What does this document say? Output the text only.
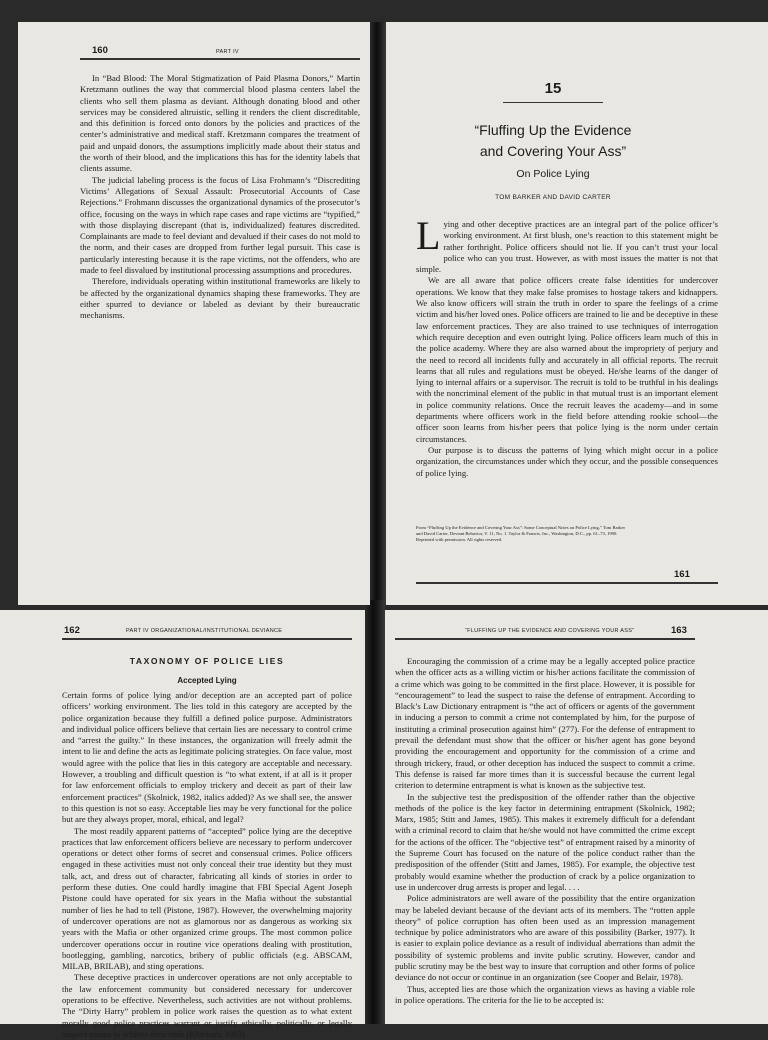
160	PART IV

In “Bad Blood: The Moral Stigmatization of Paid Plasma Donors,” Martin Kretzmann outlines the way that commercial blood plasma centers label the clients who sell them plasma as deviant. Although donating blood and other services may be considered altruistic, selling it renders the client discreditable, and this definition is forced onto donors by the policies and practices of the center’s administrative and medical staff. Kretzmann compares the treatment of paid and unpaid donors, the assumptions implicitly made about their status and the worth of their blood, and the implications this has for the identity labels that clients assume.

The judicial labeling process is the focus of Lisa Frohmann’s “Discrediting Victims’ Allegations of Sexual Assault: Prosecutorial Accounts of Case Rejections.” Frohmann discusses the organizational dynamics of the prosecutor’s office, focusing on the ways in which rape cases and rape victims are “typified,” with those displaying discrepant (that is, individualized) features discredited. Complainants are made to feel deviant and devalued if their cases do not mold to the norm, and their cases are dropped from further legal pursuit. This case is particularly interesting because it is the rape victims, not the offenders, who are made to feel disvalued by institutional processing assumptions and procedures.

Therefore, individuals operating within institutional frameworks are likely to be affected by the organizational dynamics shaping these frameworks. They are either spurred to deviance or labeled as deviant by their bureaucratic mechanisms.

15
“Fluffing Up the Evidence
and Covering Your Ass”
On Police Lying
TOM BARKER AND DAVID CARTER

Lying and other deceptive practices are an integral part of the police officer’s working environment. At first blush, one’s reaction to this statement might be rather forthright. Police officers should not lie. If you can’t trust your local police who can you trust. However, as with most issues the matter is not that simple.

We are all aware that police officers create false identities for undercover operations. We know that they make false promises to hostage takers and kidnappers. We also know officers will strain the truth in order to spare the feelings of a crime victim and his/her loved ones. Police officers are trained to lie and be deceptive in these law enforcement practices. They are also trained to use techniques of interrogation which require deception and even outright lying. Police officers learn much of this in the police academy. Where they are also warned about the impropriety of perjury and the need to record all incidents fully and accurately in all official reports. The recruit learns that all rules and regulations must be obeyed. He/she learns of the danger of lying to internal affairs or a supervisor. The recruit is told to be truthful in his dealings with the noncriminal element of the public in that mutual trust is an important element in police community relations. Once the recruit leaves the academy—and in some departments where officers work in the field before attending rookie school—the officer soon learns from his/her peers that police lying is the norm under certain circumstances.

Our purpose is to discuss the patterns of lying which might occur in a police organization, the circumstances under which they occur, and the possible consequences of police lying.

From “Fluffing Up the Evidence and Covering Your Ass”: Some Conceptual Notes on Police Lying,” Tom Barker and David Carter, Deviant Behavior, V. 11, No. 1. Taylor & Francis, Inc., Washington, D.C., pp. 61–73, 1990. Reprinted with permission. All rights reserved.
161
162	PART IV ORGANIZATIONAL/INSTITUTIONAL DEVIANCE
TAXONOMY OF POLICE LIES
Accepted Lying

Certain forms of police lying and/or deception are an accepted part of police officers’ working environment. The lies told in this category are accepted by the police organization because they fulfill a defined police purpose. Administrators and individual police officers believe that certain lies are necessary to control crime and “arrest the guilty.” In these instances, the organization will freely admit the intent to lie and define the acts as legitimate policing strategies. On face value, most would agree with the police that lies in this category are acceptable and necessary. However, a troubling and difficult question is “to what extent, if at all is it proper for law enforcement officials to employ trickery and deceit as part of their law enforcement practices” (Skolnick, 1982, italics added)? As we shall see, the answer to this question is not so easy. Acceptable lies may be very functional for the police but are they always proper, moral, ethical, and legal?

The most readily apparent patterns of “accepted” police lying are the deceptive practices that law enforcement officers believe are necessary to perform undercover operations or detect other forms of secret and consensual crimes. Police officers engaged in these activities must not only conceal their true identity but they must talk, act, and dress out of character, fabricating all kinds of stories in order to perform these duties. One could hardly imagine that FBI Special Agent Joseph Pistone could have operated for six years in the Mafia without the substantial number of lies he had to tell (Pistone, 1987). However, the overwhelming majority of undercover operations are not as glamorous nor as dangerous as working six years with the Mafia or other organized crime groups. The most common police undercover operations occur in routine vice operations dealing with prostitution, bootlegging, gambling, narcotics, bribery of public officials (e.g. ABSCAM, MILAB, BRILAB), and sting operations.

These deceptive practices in undercover operations are not only acceptable to the law enforcement community but considered necessary for undercover operations to be effective. Nevertheless, such activities are not without problems. The “Dirty Harry” problem in police work raises the question as to what extent morally good police practices warrant or justify ethically, politically, or legally suspect means to achieve their ends (Klockars, 1983).

“FLUFFING UP THE EVIDENCE AND COVERING YOUR ASS”	163

Encouraging the commission of a crime may be a legally accepted police practice when the officer acts as a willing victim or his/her actions facilitate the commission of a crime which was going to be committed in the first place. However, it is possible for “encouragement” to lead the suspect to raise the defense of entrapment. According to Black’s Law Dictionary entrapment is “the act of officers or agents of the government in inducing a person to commit a crime not contemplated by him, for the purpose of instituting a criminal prosecution against him” (277). For the defense of entrapment to prevail the defendant must show that the officer or his/her agent has gone beyond providing the encouragement and opportunity for the commission of a crime and through trickery, fraud, or other deception has induced the suspect to commit a crime. This defense is raised far more times than it is successful because the current legal criterion to determine entrapment is what is known as the subjective test.

In the subjective test the predisposition of the offender rather than the objective methods of the police is the key factor in determining entrapment (Skolnick, 1982; Marx, 1985; Stitt and James, 1985). This makes it extremely difficult for a defendant with a criminal record to claim that he/she would not have committed the crime except for the actions of the officer. The “objective test” of entrapment raised by a minority of the Supreme Court has focused on the nature of the police conduct rather than the predisposition of the offender (Stitt and James, 1985). For example, the objective test probably would examine whether the production of crack by a police organization to use in undercover drug arrests is proper and legal. . . .

Police administrators are well aware of the possibility that the entire organization may be labeled deviant because of the deviant acts of its members. The “rotten apple theory” of police corruption has often been used as an impression management technique by police administrators who are aware of this possibility (Barker, 1977). It is easier to explain police deviance as a result of individual aberrations than admit the possibility of systemic problems and invite public scrutiny. However, candor and public scrutiny may be the best way to insure that corruption and other forms of police deviance do not occur or continue in an organization (see Cooper and Belair, 1978).

Thus, accepted lies are those which the organization views as having a viable role in police operations. The criteria for the lie to be accepted is:
